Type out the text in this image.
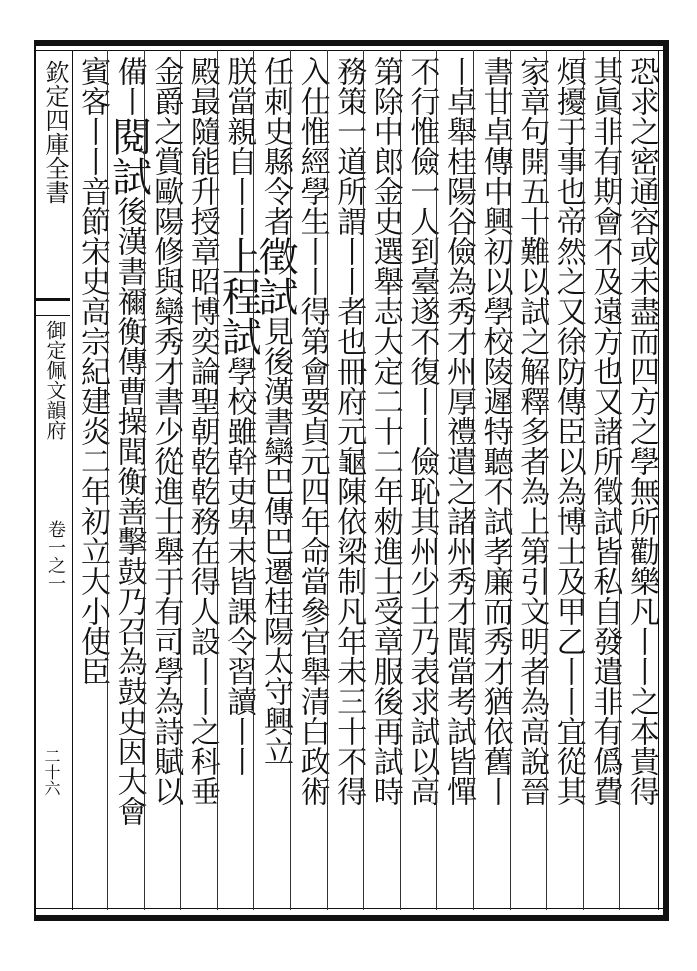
欽定四庫全書
御定佩文韻府
卷一之一
二十六	恐求之密通容或未盡而四方之學無所勸樂凡丨丨之本貴得
其眞非有期會不及遠方也又諸所徵試皆私自發遣非有僞費
煩擾于事也帝然之又徐防傳臣以為博士及甲乙丨丨宜從其
家章句開五十難以試之解釋多者為上第引文明者為高說晉
書甘卓傳中興初以學校陵遲特聽不試孝廉而秀才猶依舊丨
丨卓舉桂陽谷儉為秀才州厚禮遣之諸州秀才聞當考試皆憚
不行惟儉一人到臺遂不復丨丨儉恥其州少士乃表求試以高
第除中郎金史選舉志大定二十二年勑進士受章服後再試時
務策一道所謂丨丨者也冊府元龜陳依梁制凡年未三十不得
入仕惟經學生丨丨得第會要貞元四年命當參官舉清白政術
任刺史縣令者徵試見後漢書欒巴傳巴遷桂陽太守興立
朕當親自丨丨上程試學校雖幹吏卑末皆課令習讀丨丨
殿最隨能升授章昭博奕論聖朝乾乾務在得人設丨丨之科垂
金爵之賞歐陽修與欒秀才書少從進士舉于有司學為詩賦以
備丨閱試後漢書禰衡傳曹操聞衡善擊鼓乃召為鼓史因大會
賓客丨丨音節宋史高宗紀建炎二年初立大小使臣
